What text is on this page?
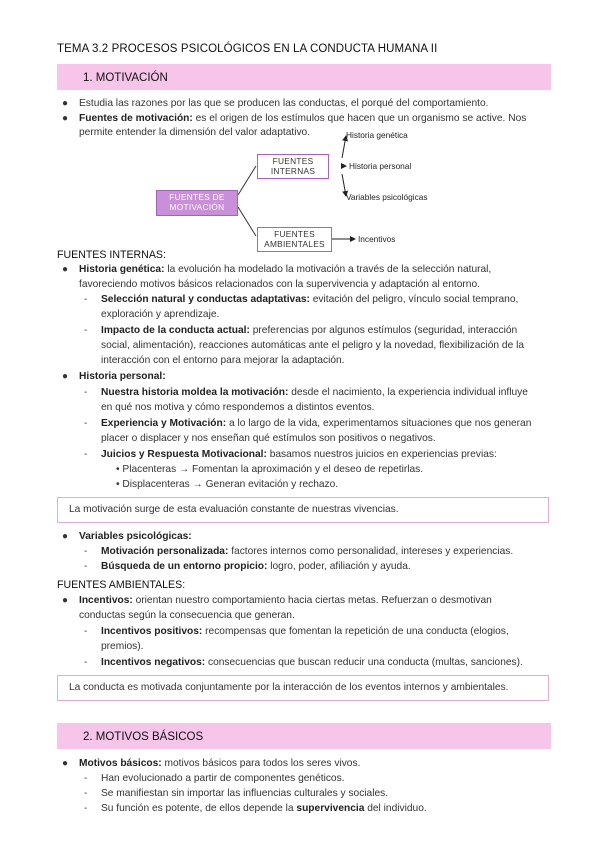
TEMA 3.2 PROCESOS PSICOLÓGICOS EN LA CONDUCTA HUMANA II
1. MOTIVACIÓN
● Estudia las razones por las que se producen las conductas, el porqué del comportamiento.
● Fuentes de motivación: es el origen de los estímulos que hacen que un organismo se active. Nos
permite entender la dimensión del valor adaptativo.
FUENTES DE MOTIVACIÓN
FUENTES INTERNAS
FUENTES AMBIENTALES
Historia genética
Historia personal
Variables psicológicas
Incentivos
FUENTES INTERNAS:
● Historia genética: la evolución ha modelado la motivación a través de la selección natural,
favoreciendo motivos básicos relacionados con la supervivencia y adaptación al entorno.
- Selección natural y conductas adaptativas: evitación del peligro, vínculo social temprano,
exploración y aprendizaje.
- Impacto de la conducta actual: preferencias por algunos estímulos (seguridad, interacción
social, alimentación), reacciones automáticas ante el peligro y la novedad, flexibilización de la
interacción con el entorno para mejorar la adaptación.
● Historia personal:
- Nuestra historia moldea la motivación: desde el nacimiento, la experiencia individual influye
en qué nos motiva y cómo respondemos a distintos eventos.
- Experiencia y Motivación: a lo largo de la vida, experimentamos situaciones que nos generan
placer o displacer y nos enseñan qué estímulos son positivos o negativos.
- Juicios y Respuesta Motivacional: basamos nuestros juicios en experiencias previas:
• Placenteras → Fomentan la aproximación y el deseo de repetirlas.
• Displacenteras → Generan evitación y rechazo.
La motivación surge de esta evaluación constante de nuestras vivencias.
● Variables psicológicas:
- Motivación personalizada: factores internos como personalidad, intereses y experiencias.
- Búsqueda de un entorno propicio: logro, poder, afiliación y ayuda.
FUENTES AMBIENTALES:
● Incentivos: orientan nuestro comportamiento hacia ciertas metas. Refuerzan o desmotivan
conductas según la consecuencia que generan.
- Incentivos positivos: recompensas que fomentan la repetición de una conducta (elogios,
premios).
- Incentivos negativos: consecuencias que buscan reducir una conducta (multas, sanciones).
La conducta es motivada conjuntamente por la interacción de los eventos internos y ambientales.
2. MOTIVOS BÁSICOS
● Motivos básicos: motivos básicos para todos los seres vivos.
- Han evolucionado a partir de componentes genéticos.
- Se manifiestan sin importar las influencias culturales y sociales.
- Su función es potente, de ellos depende la supervivencia del individuo.
